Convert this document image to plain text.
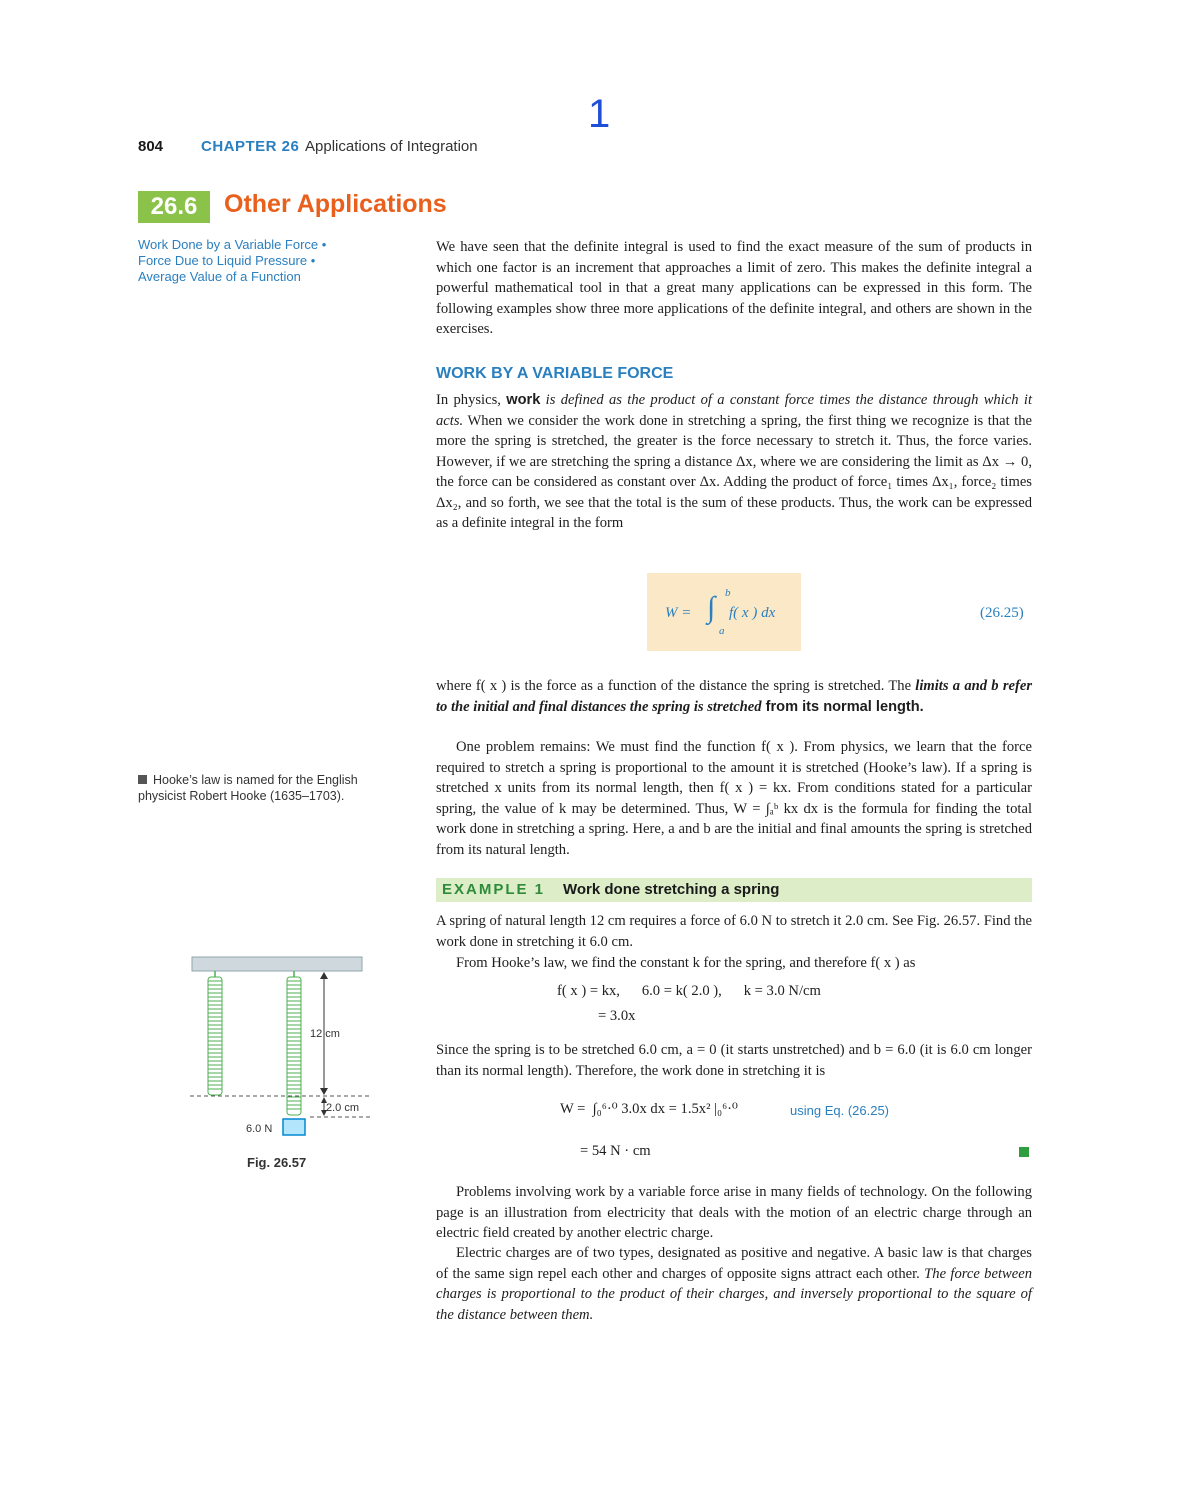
1
804	CHAPTER 26 Applications of Integration
26.6	Other Applications
Work Done by a Variable Force •
Force Due to Liquid Pressure •
Average Value of a Function
We have seen that the definite integral is used to find the exact measure of the sum of products in which one factor is an increment that approaches a limit of zero. This makes the definite integral a powerful mathematical tool in that a great many applications can be expressed in this form. The following examples show three more applications of the definite integral, and others are shown in the exercises.
WORK BY A VARIABLE FORCE
In physics, work is defined as the product of a constant force times the distance through which it acts. When we consider the work done in stretching a spring, the first thing we recognize is that the more the spring is stretched, the greater is the force necessary to stretch it. Thus, the force varies. However, if we are stretching the spring a distance Δx, where we are considering the limit as Δx → 0, the force can be considered as constant over Δx. Adding the product of force₁ times Δx₁, force₂ times Δx₂, and so forth, we see that the total is the sum of these products. Thus, the work can be expressed as a definite integral in the form
W = ∫ b
a
f( x ) dx	(26.25)
where f( x ) is the force as a function of the distance the spring is stretched. The limits a and b refer to the initial and final distances the spring is stretched from its normal length.
One problem remains: We must find the function f( x ). From physics, we learn that the force required to stretch a spring is proportional to the amount it is stretched (Hooke’s law). If a spring is stretched x units from its normal length, then f( x ) = kx. From conditions stated for a particular spring, the value of k may be determined. Thus, W = ∫ₐᵇ kx dx is the formula for finding the total work done in stretching a spring. Here, a and b are the initial and final amounts the spring is stretched from its natural length.
Hooke’s law is named for the English physicist Robert Hooke (1635–1703).
EXAMPLE 1 Work done stretching a spring
A spring of natural length 12 cm requires a force of 6.0 N to stretch it 2.0 cm. See Fig. 26.57. Find the work done in stretching it 6.0 cm.
From Hooke’s law, we find the constant k for the spring, and therefore f( x ) as
f( x ) = kx,      6.0 = k( 2.0 ),      k = 3.0 N/cm
= 3.0x
Since the spring is to be stretched 6.0 cm, a = 0 (it starts unstretched) and b = 6.0 (it is 6.0 cm longer than its normal length). Therefore, the work done in stretching it is
W =  ∫₀⁶·⁰ 3.0x dx = 1.5x² |₀⁶·⁰	using Eq. (26.25)
= 54 N · cm
Problems involving work by a variable force arise in many fields of technology. On the following page is an illustration from electricity that deals with the motion of an electric charge through an electric field created by another electric charge.
Electric charges are of two types, designated as positive and negative. A basic law is that charges of the same sign repel each other and charges of opposite signs attract each other. The force between charges is proportional to the product of their charges, and inversely proportional to the square of the distance between them.
12 cm
2.0 cm
6.0 N
Fig. 26.57
